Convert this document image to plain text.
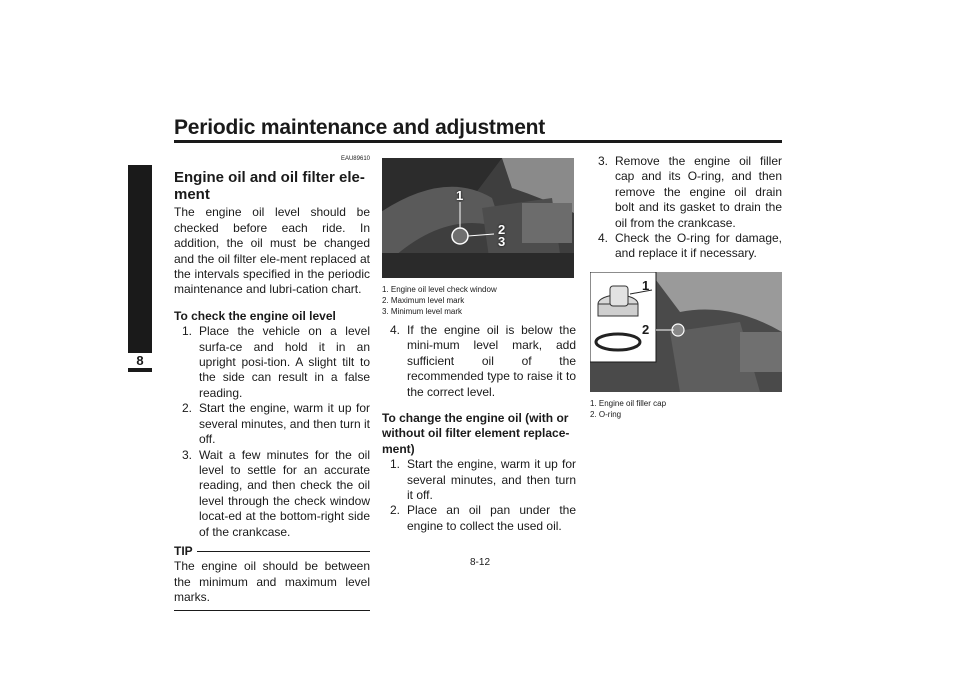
Periodic maintenance and adjustment
8
EAU89610
Engine oil and oil filter ele-ment

The engine oil level should be checked before each ride. In addition, the oil must be changed and the oil filter ele-ment replaced at the intervals specified in the periodic maintenance and lubri-cation chart.

To check the engine oil level
1. Place the vehicle on a level surfa-ce and hold it in an upright posi-tion. A slight tilt to the side can result in a false reading.
2. Start the engine, warm it up for several minutes, and then turn it off.
3. Wait a few minutes for the oil level to settle for an accurate reading, and then check the oil level through the check window locat-ed at the bottom-right side of the crankcase.
TIP

The engine oil should be between the minimum and maximum level marks.

1
2
3
1. Engine oil level check window
2. Maximum level mark
3. Minimum level mark
4. If the engine oil is below the mini-mum level mark, add sufficient oil of the recommended type to raise it to the correct level.
To change the engine oil (with or without oil filter element replace-ment)
1. Start the engine, warm it up for several minutes, and then turn it off.
2. Place an oil pan under the engine to collect the used oil.
3. Remove the engine oil filler cap and its O-ring, and then remove the engine oil drain bolt and its gasket to drain the oil from the crankcase.
4. Check the O-ring for damage, and replace it if necessary.
1
2
1. Engine oil filler cap
2. O-ring
8-12
